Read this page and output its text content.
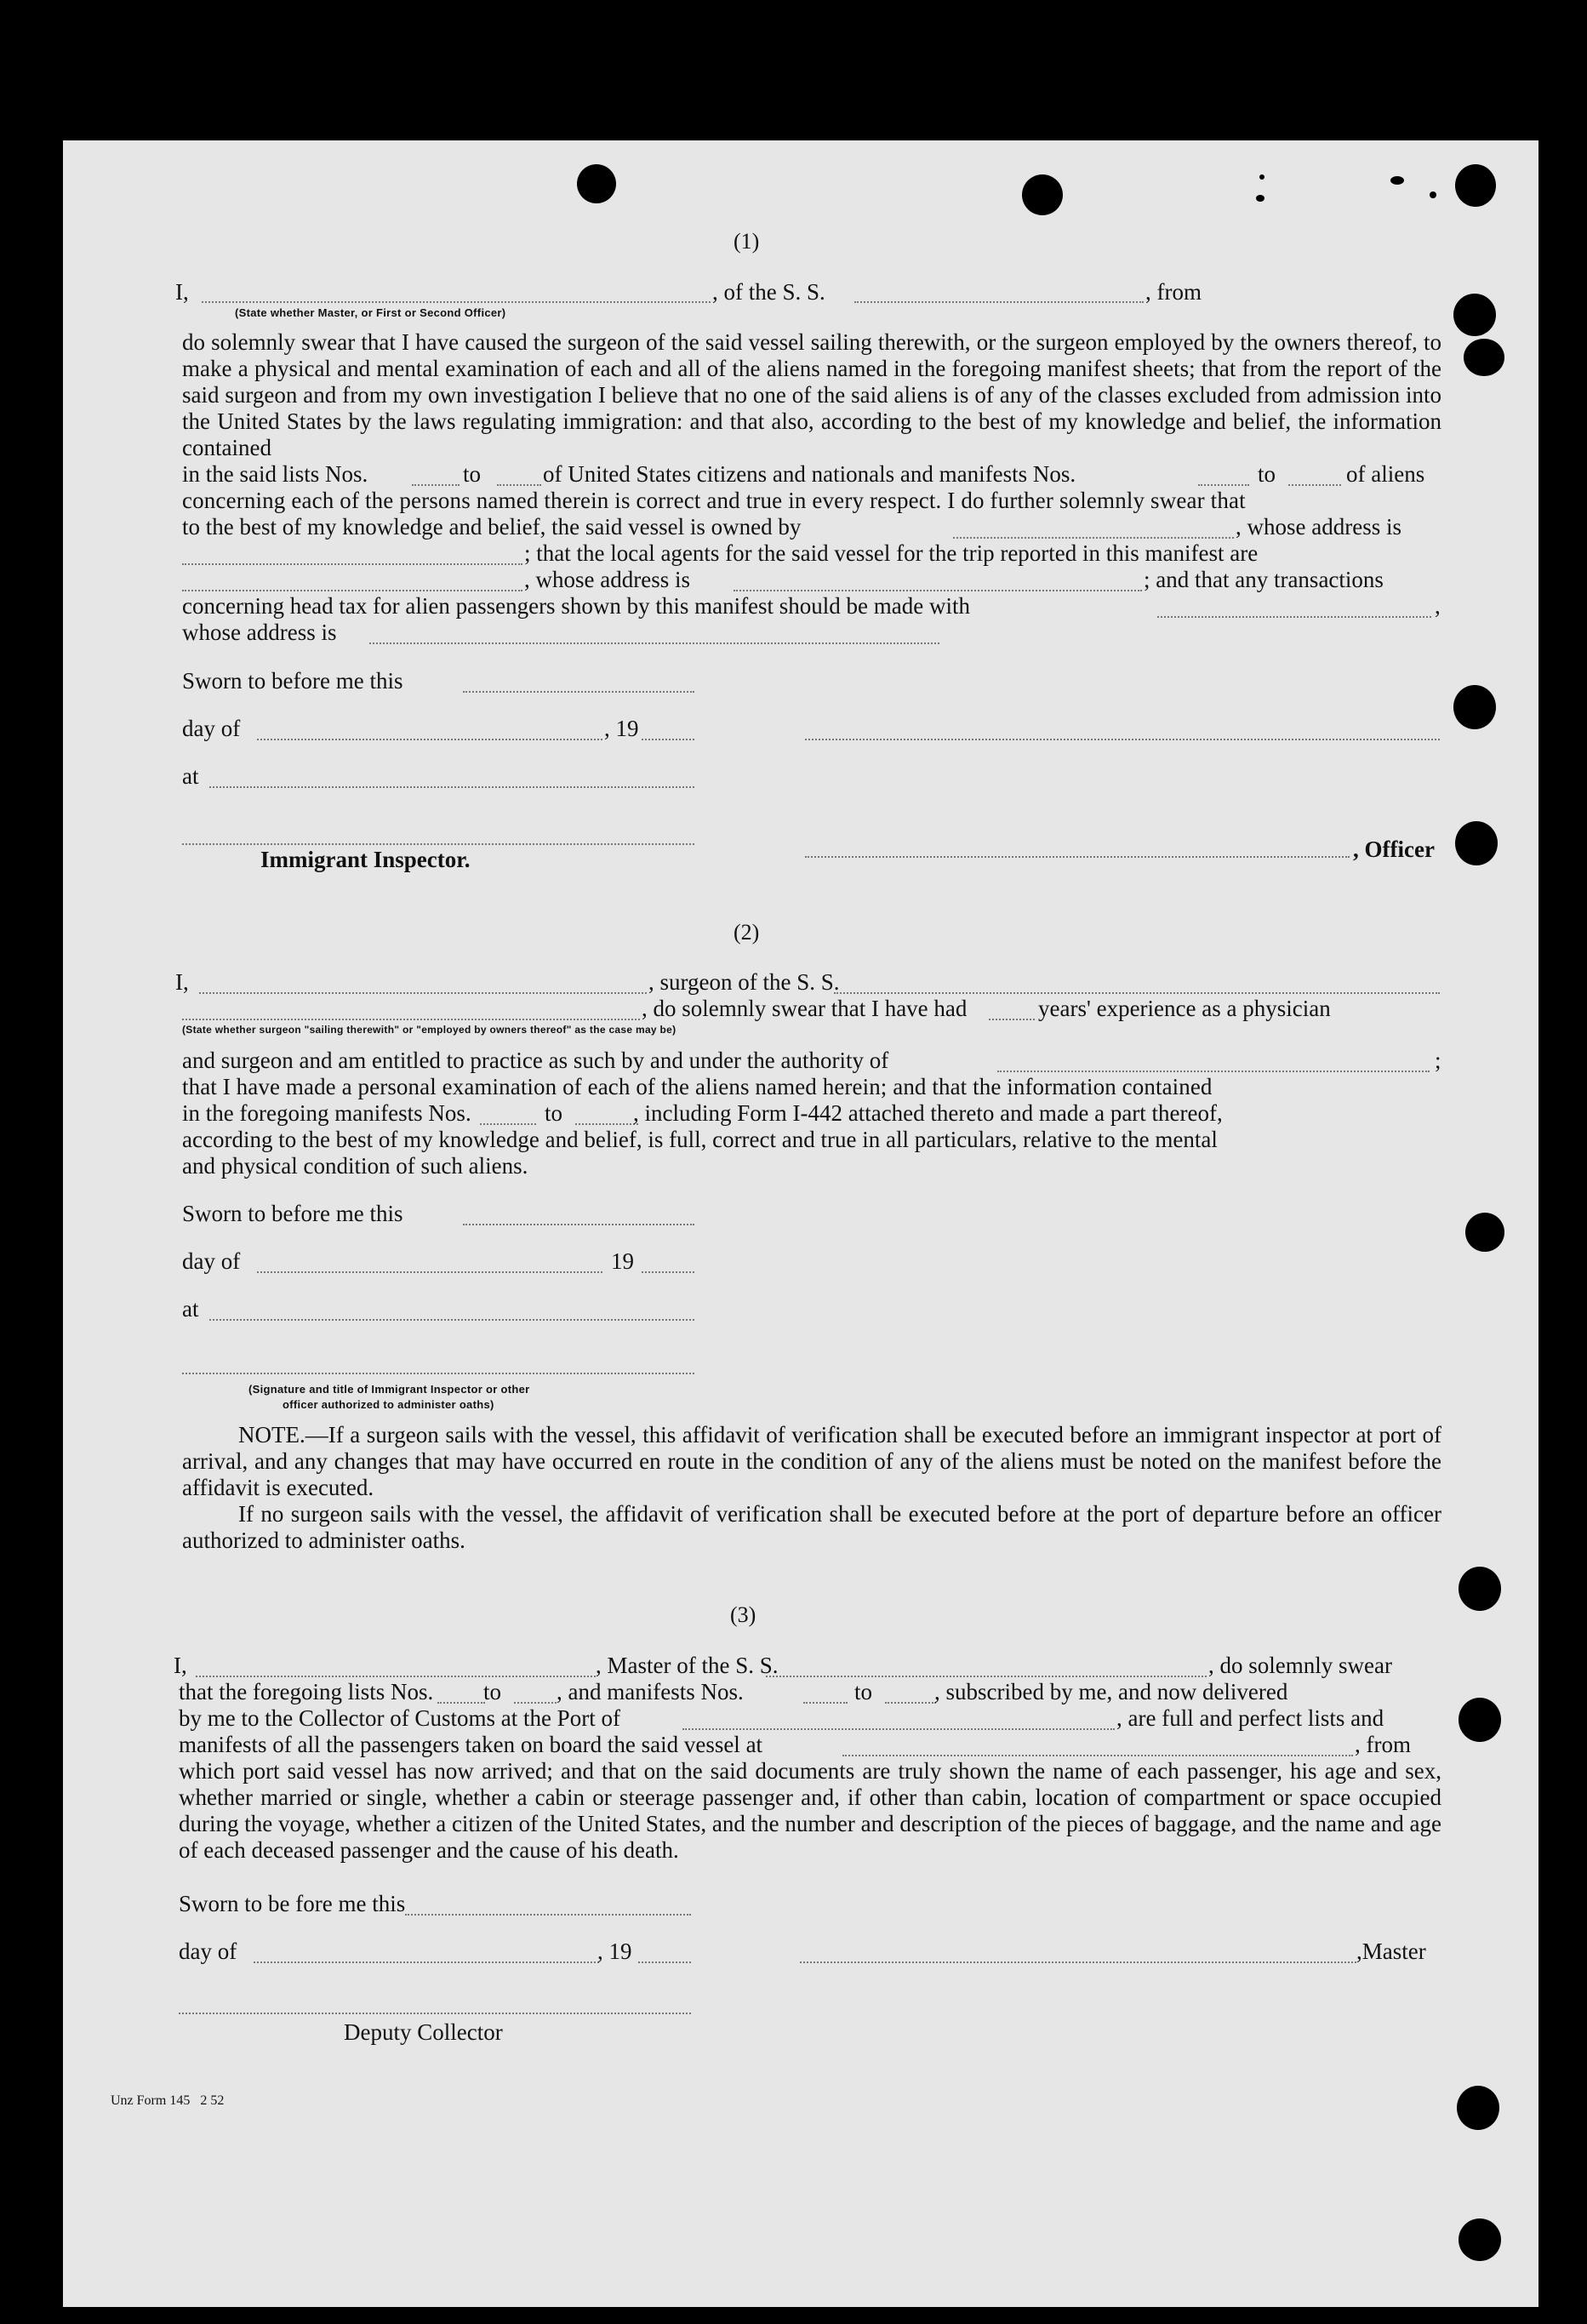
(1)
I,	, of the S. S.	, from
(State whether Master, or First or Second Officer)

do solemnly swear that I have caused the surgeon of the said vessel sailing therewith, or the surgeon employed by the owners thereof, to make a physical and mental examination of each and all of the aliens named in the foregoing manifest sheets; that from the report of the said surgeon and from my own investigation I believe that no one of the said aliens is of any of the classes excluded from admission into the United States by the laws regulating immigration: and that also, according to the best of my knowledge and belief, the information contained

in the said lists Nos.	to	of United States citizens and nationals and manifests Nos.	to	of aliens
concerning each of the persons named therein is correct and true in every respect. I do further solemnly swear that
to the best of my knowledge and belief, the said vessel is owned by	, whose address is
; that the local agents for the said vessel for the trip reported in this manifest are
, whose address is	; and that any transactions
concerning head tax for alien passengers shown by this manifest should be made with	,
whose address is
Sworn to before me this
day of	, 19
at
Immigrant Inspector.	, Officer
(2)
I,	, surgeon of the S. S.
, do solemnly swear that I have had	years' experience as a physician
(State whether surgeon "sailing therewith" or "employed by owners thereof" as the case may be)
and surgeon and am entitled to practice as such by and under the authority of	;
that I have made a personal examination of each of the aliens named herein; and that the information contained
in the foregoing manifests Nos.	to	, including Form I-442 attached thereto and made a part thereof,
according to the best of my knowledge and belief, is full, correct and true in all particulars, relative to the mental
and physical condition of such aliens.
Sworn to before me this
day of	19
at
(Signature and title of Immigrant Inspector or other
officer authorized to administer oaths)

NOTE.—If a surgeon sails with the vessel, this affidavit of verification shall be executed before an immigrant inspector at port of arrival, and any changes that may have occurred en route in the condition of any of the aliens must be noted on the manifest before the affidavit is executed.

If no surgeon sails with the vessel, the affidavit of verification shall be executed before at the port of departure before an officer authorized to administer oaths.

(3)
I,	, Master of the S. S.	, do solemnly swear
that the foregoing lists Nos. to , and manifests Nos.	to	, subscribed by me, and now delivered
by me to the Collector of Customs at the Port of	, are full and perfect lists and
manifests of all the passengers taken on board the said vessel at	, from

which port said vessel has now arrived; and that on the said documents are truly shown the name of each passenger, his age and sex, whether married or single, whether a cabin or steerage passenger and, if other than cabin, location of compartment or space occupied during the voyage, whether a citizen of the United States, and the number and description of the pieces of baggage, and the name and age of each deceased passenger and the cause of his death.

Sworn to be fore me this
day of	, 19	,Master
Deputy Collector
Unz Form 145   2 52
